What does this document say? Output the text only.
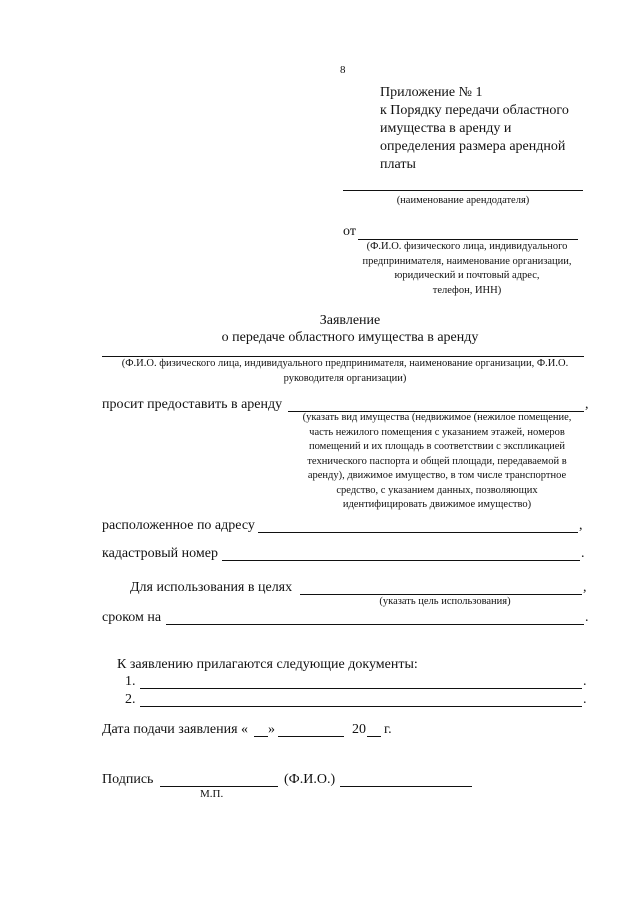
8
Приложение № 1
к Порядку передачи областного
имущества в аренду и
определения размера арендной
платы
(наименование арендодателя)
от
(Ф.И.О. физического лица, индивидуального
предпринимателя, наименование организации,
юридический и почтовый адрес,
телефон, ИНН)
Заявление
о передаче областного имущества в аренду
(Ф.И.О. физического лица, индивидуального предпринимателя, наименование организации, Ф.И.О.
руководителя организации)
просит предоставить в аренду	,
(указать вид имущества (недвижимое (нежилое помещение,
часть нежилого помещения с указанием этажей, номеров
помещений и их площадь в соответствии с экспликацией
технического паспорта и общей площади, передаваемой в
аренду), движимое имущество, в том числе транспортное
средство, с указанием данных, позволяющих
идентифицировать движимое имущество)
расположенное по адресу	,
кадастровый номер	.
Для использования в целях	,
(указать цель использования)
сроком на	.
К заявлению прилагаются следующие документы:
1.	.
2.	.
Дата подачи заявления « »	20 г.
Подпись	(Ф.И.О.)
М.П.
